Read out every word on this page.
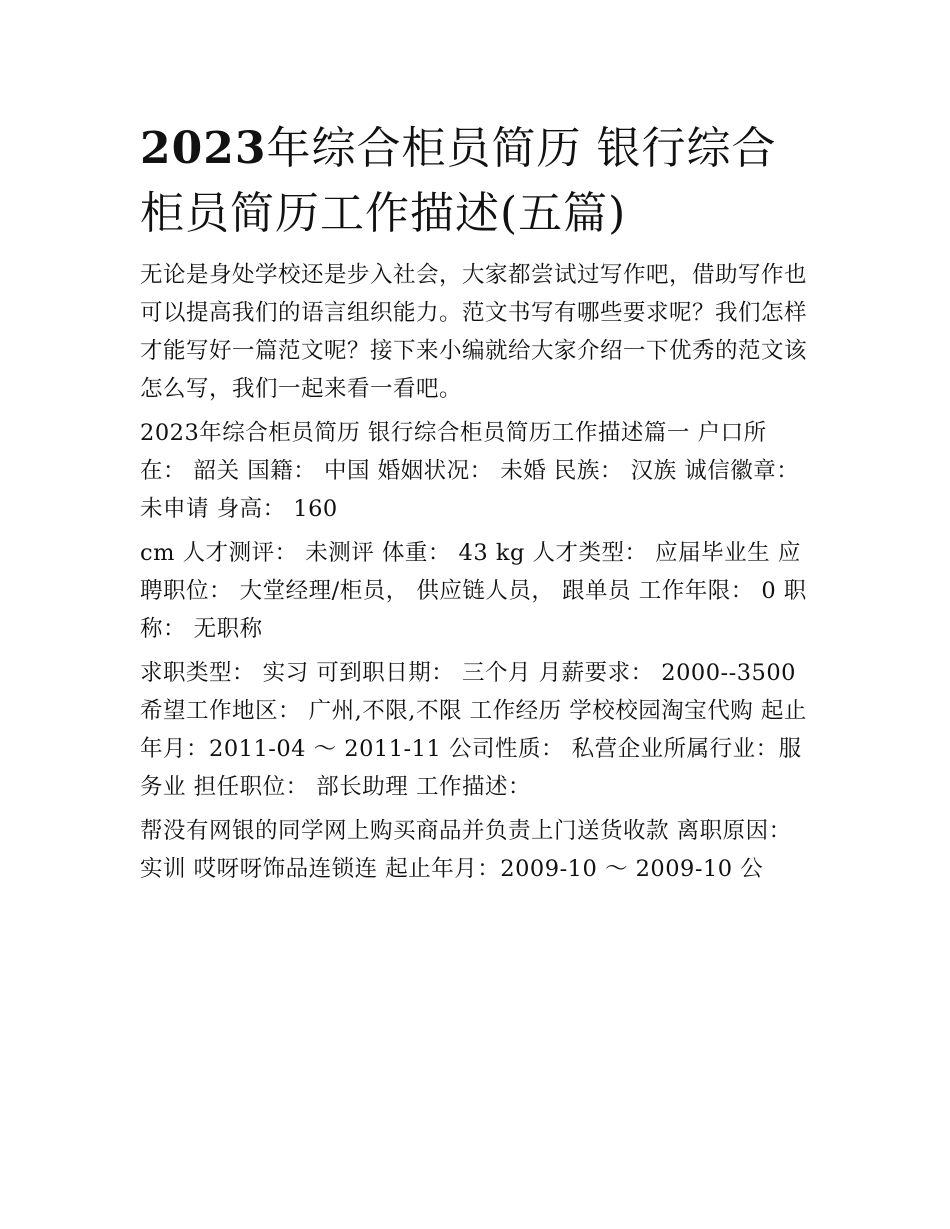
2023年综合柜员简历 银行综合柜员简历工作描述(五篇)

无论是身处学校还是步入社会，大家都尝试过写作吧，借助写作也可以提高我们的语言组织能力。范文书写有哪些要求呢？我们怎样才能写好一篇范文呢？接下来小编就给大家介绍一下优秀的范文该怎么写，我们一起来看一看吧。

2023年综合柜员简历 银行综合柜员简历工作描述篇一 户口所在： 韶关 国籍： 中国 婚姻状况： 未婚 民族： 汉族 诚信徽章： 未申请 身高： 160

cm 人才测评： 未测评 体重： 43 kg 人才类型： 应届毕业生 应聘职位： 大堂经理/柜员， 供应链人员， 跟单员 工作年限： 0 职称： 无职称

求职类型： 实习 可到职日期： 三个月 月薪要求： 2000--3500 希望工作地区： 广州,不限,不限 工作经历 学校校园淘宝代购 起止年月：2011-04 ～ 2011-11 公司性质： 私营企业所属行业：服务业 担任职位： 部长助理 工作描述：

帮没有网银的同学网上购买商品并负责上门送货收款 离职原因： 实训 哎呀呀饰品连锁连 起止年月：2009-10 ～ 2009-10 公
